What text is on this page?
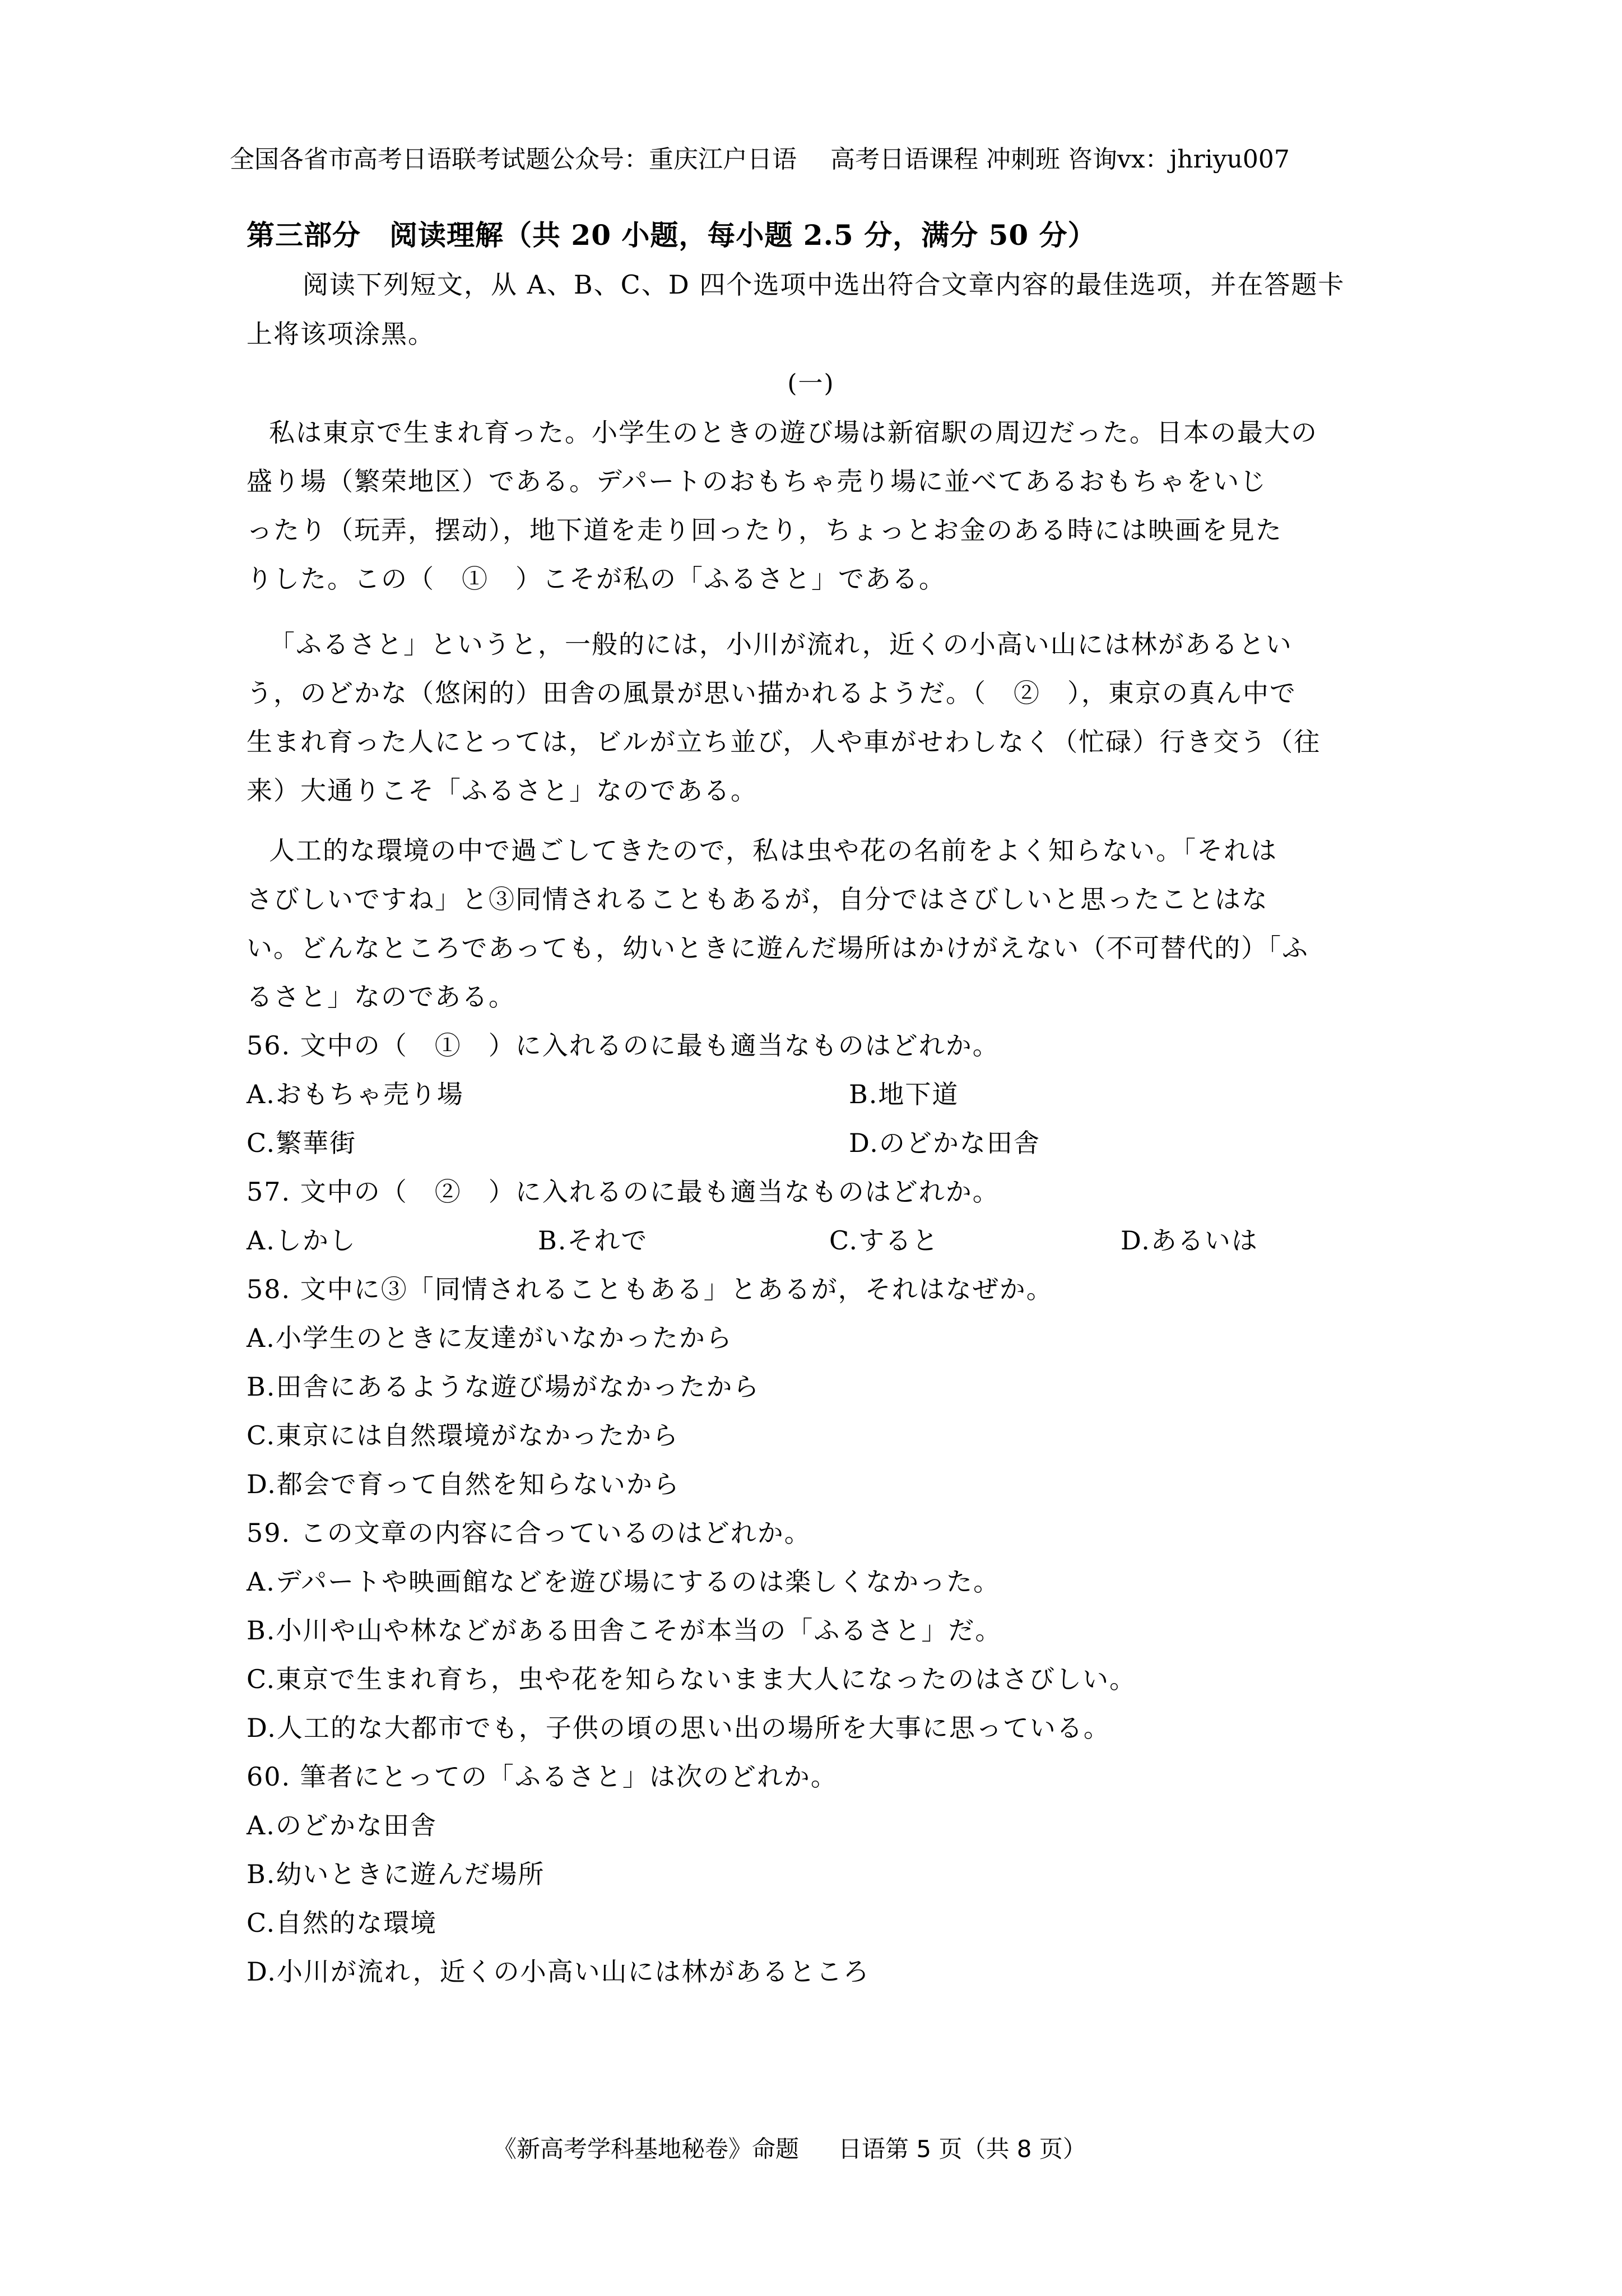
全国各省市高考日语联考试题公众号：重庆江户日语 高考日语课程 冲刺班 咨询vx：jhriyu007
第三部分　阅读理解（共 20 小题，每小题 2.5 分，满分 50 分）
阅读下列短文，从 A、B、C、D 四个选项中选出符合文章内容的最佳选项，并在答题卡
上将该项涂黑。
(一)
私は東京で生まれ育った。小学生のときの遊び場は新宿駅の周辺だった。日本の最大の
盛り場（繁荣地区）である。デパートのおもちゃ売り場に並べてあるおもちゃをいじ
ったり（玩弄，摆动），地下道を走り回ったり，ちょっとお金のある時には映画を見た
りした。この（　①　）こそが私の「ふるさと」である。
「ふるさと」というと，一般的には，小川が流れ，近くの小高い山には林があるとい
う，のどかな（悠闲的）田舎の風景が思い描かれるようだ。（　②　），東京の真ん中で
生まれ育った人にとっては，ビルが立ち並び，人や車がせわしなく（忙碌）行き交う（往
来）大通りこそ「ふるさと」なのである。
人工的な環境の中で過ごしてきたので，私は虫や花の名前をよく知らない。「それは
さびしいですね」と③同情されることもあるが，自分ではさびしいと思ったことはな
い。どんなところであっても，幼いときに遊んだ場所はかけがえない（不可替代的）「ふ
るさと」なのである。
56. 文中の（　①　）に入れるのに最も適当なものはどれか。
A.おもちゃ売り場	B.地下道
C.繁華街	D.のどかな田舎
57. 文中の（　②　）に入れるのに最も適当なものはどれか。
A.しかし	B.それで	C.すると	D.あるいは
58. 文中に③「同情されることもある」とあるが，それはなぜか。
A.小学生のときに友達がいなかったから
B.田舎にあるような遊び場がなかったから
C.東京には自然環境がなかったから
D.都会で育って自然を知らないから
59. この文章の内容に合っているのはどれか。
A.デパートや映画館などを遊び場にするのは楽しくなかった。
B.小川や山や林などがある田舎こそが本当の「ふるさと」だ。
C.東京で生まれ育ち，虫や花を知らないまま大人になったのはさびしい。
D.人工的な大都市でも，子供の頃の思い出の場所を大事に思っている。
60. 筆者にとっての「ふるさと」は次のどれか。
A.のどかな田舎
B.幼いときに遊んだ場所
C.自然的な環境
D.小川が流れ，近くの小高い山には林があるところ
《新高考学科基地秘卷》命题 日语第 5 页（共 8 页）
